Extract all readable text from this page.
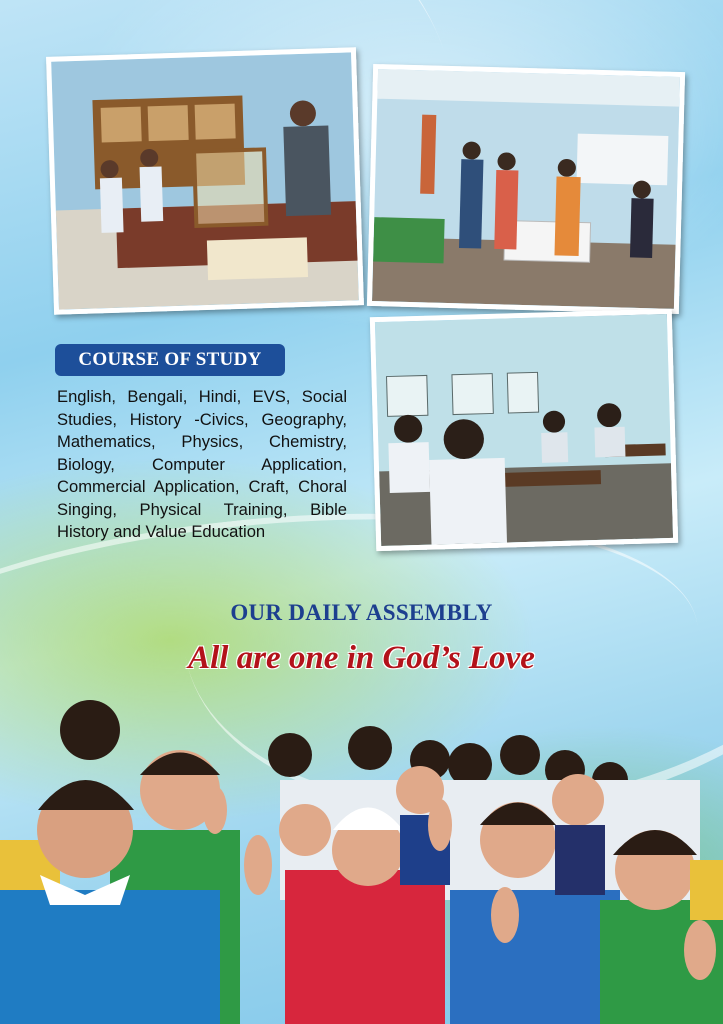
COURSE OF STUDY
English, Bengali, Hindi, EVS, Social Studies, History -Civics, Geography, Mathematics, Physics, Chemistry, Biology, Computer Application, Commercial Application, Craft, Choral Singing, Physical Training, Bible History and Value Education
OUR DAILY ASSEMBLY
All are one in God’s Love
